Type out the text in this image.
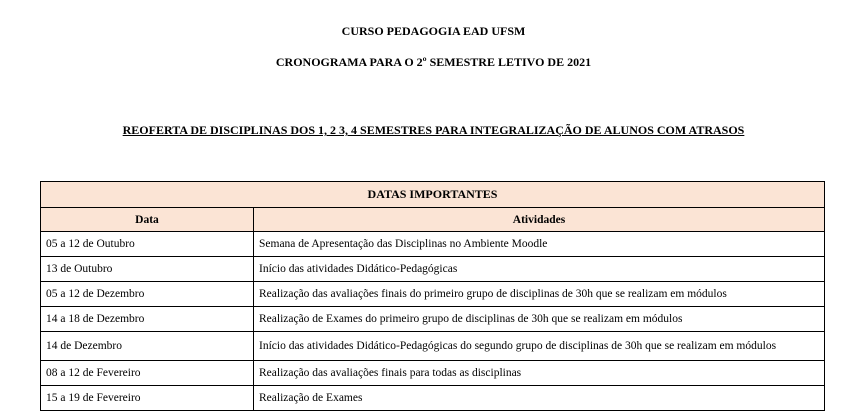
CURSO PEDAGOGIA EAD UFSM
CRONOGRAMA PARA O 2º SEMESTRE LETIVO DE 2021
REOFERTA DE DISCIPLINAS DOS 1, 2 3, 4 SEMESTRES PARA INTEGRALIZAÇÃO DE ALUNOS COM ATRASOS
DATAS IMPORTANTES	
Data	Atividades
05 a 12 de Outubro	Semana de Apresentação das Disciplinas no Ambiente Moodle
13 de Outubro	Início das atividades Didático-Pedagógicas
05 a 12 de Dezembro	Realização das avaliações finais do primeiro grupo de disciplinas de 30h que se realizam em módulos
14 a 18 de Dezembro	Realização de Exames do primeiro grupo de disciplinas de 30h que se realizam em módulos
14 de Dezembro	Início das atividades Didático-Pedagógicas do segundo grupo de disciplinas de 30h que se realizam em módulos
08 a 12 de Fevereiro	Realização das avaliações finais para todas as disciplinas
15 a 19 de Fevereiro	Realização de Exames
